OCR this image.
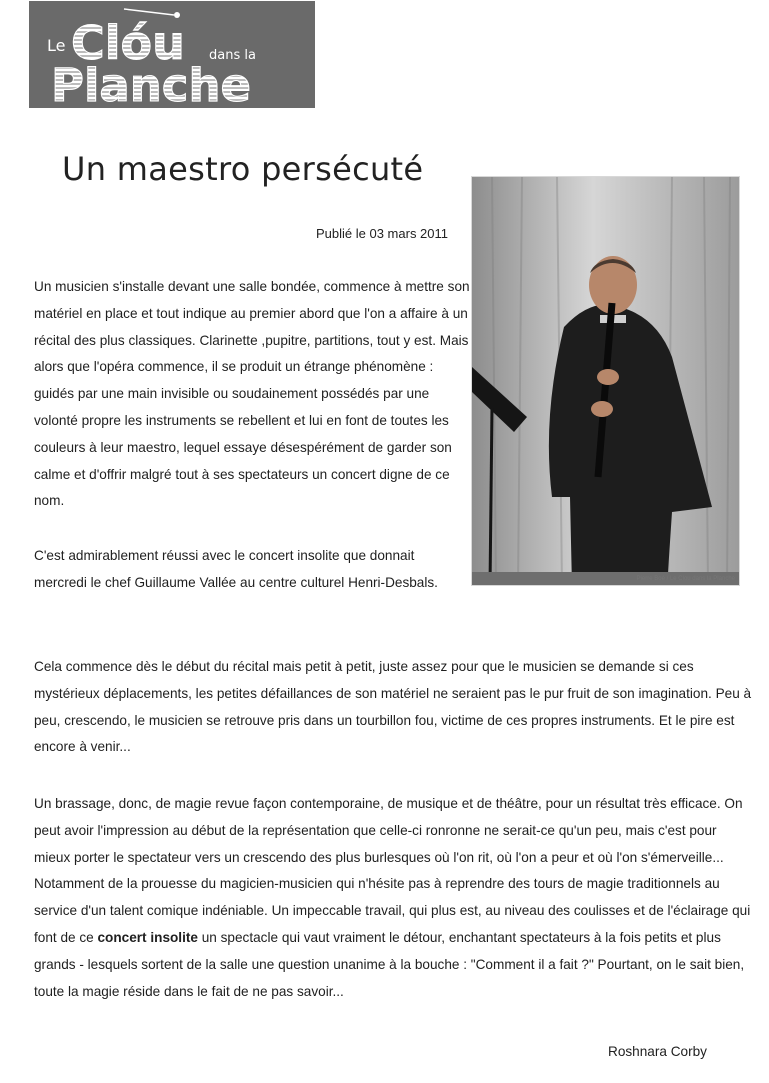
Le Clóu dans la
Planche
Un maestro persécuté
Publié le 03 mars 2011
Pierre Boé / Le Clou dans la Planche

Un musicien s'installe devant une salle bondée, commence à mettre son matériel en place et tout indique au premier abord que l'on a affaire à un récital des plus classiques. Clarinette ,pupitre, partitions, tout y est. Mais alors que l'opéra commence, il se produit un étrange phénomène : guidés par une main invisible ou soudainement possédés par une volonté propre les instruments se rebellent et lui en font de toutes les couleurs à leur maestro, lequel essaye désespérément de garder son calme et d'offrir malgré tout à ses spectateurs un concert digne de ce nom.

C'est admirablement réussi avec le concert insolite que donnait mercredi le chef Guillaume Vallée au centre culturel Henri-Desbals.

Cela commence dès le début du récital mais petit à petit, juste assez pour que le musicien se demande si ces mystérieux déplacements, les petites défaillances de son matériel ne seraient pas le pur fruit de son imagination. Peu à peu, crescendo, le musicien se retrouve pris dans un tourbillon fou, victime de ces propres instruments. Et le pire est encore à venir...

Un brassage, donc, de magie revue façon contemporaine, de musique et de théâtre, pour un résultat très efficace. On peut avoir l'impression au début de la représentation que celle-ci ronronne ne serait-ce qu'un peu, mais c'est pour mieux porter le spectateur vers un crescendo des plus burlesques où l'on rit, où l'on a peur et où l'on s'émerveille...
Notamment de la prouesse du magicien-musicien qui n'hésite pas à reprendre des tours de magie traditionnels au service d'un talent comique indéniable. Un impeccable travail, qui plus est, au niveau des coulisses et de l'éclairage qui font de ce concert insolite un spectacle qui vaut vraiment le détour, enchantant spectateurs à la fois petits et plus grands - lesquels sortent de la salle une question unanime à la bouche : "Comment il a fait ?" Pourtant, on le sait bien, toute la magie réside dans le fait de ne pas savoir...
Roshnara Corby
